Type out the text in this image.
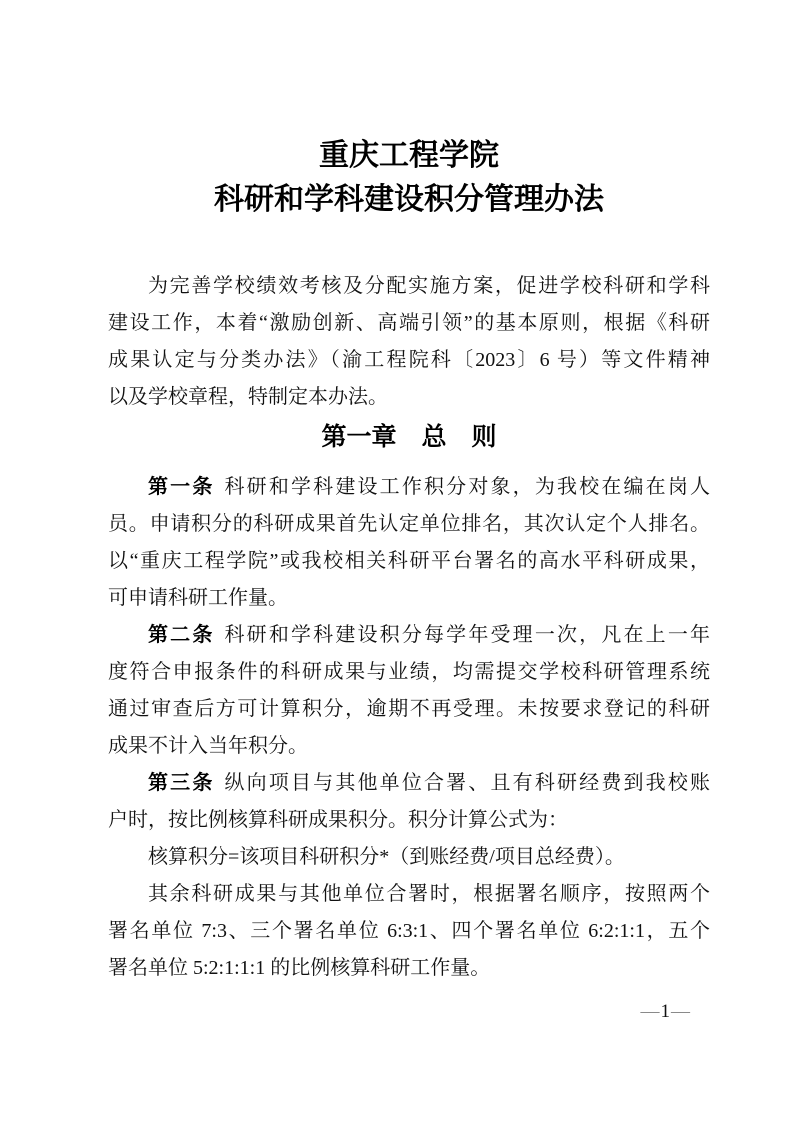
重庆工程学院
科研和学科建设积分管理办法
为完善学校绩效考核及分配实施方案，促进学校科研和学科
建设工作，本着“激励创新、高端引领”的基本原则，根据《科研
成果认定与分类办法》（渝工程院科〔2023〕6 号）等文件精神
以及学校章程，特制定本办法。
第一章　总　则
第一条 科研和学科建设工作积分对象，为我校在编在岗人
员。申请积分的科研成果首先认定单位排名，其次认定个人排名。
以“重庆工程学院”或我校相关科研平台署名的高水平科研成果，
可申请科研工作量。
第二条 科研和学科建设积分每学年受理一次，凡在上一年
度符合申报条件的科研成果与业绩，均需提交学校科研管理系统
通过审查后方可计算积分，逾期不再受理。未按要求登记的科研
成果不计入当年积分。
第三条 纵向项目与其他单位合署、且有科研经费到我校账
户时，按比例核算科研成果积分。积分计算公式为：
核算积分=该项目科研积分*（到账经费/项目总经费）。
其余科研成果与其他单位合署时，根据署名顺序，按照两个
署名单位 7:3、三个署名单位 6:3:1、四个署名单位 6:2:1:1，五个
署名单位 5:2:1:1:1 的比例核算科研工作量。
—1—
